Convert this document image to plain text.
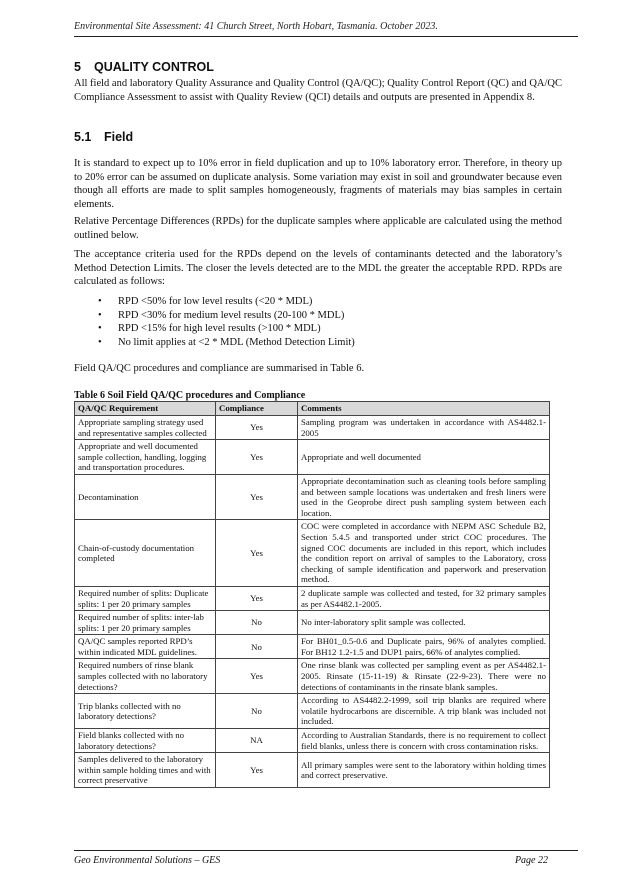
Environmental Site Assessment: 41 Church Street, North Hobart, Tasmania. October 2023.
5 QUALITY CONTROL
All field and laboratory Quality Assurance and Quality Control (QA/QC); Quality Control Report (QC) and QA/QC Compliance Assessment to assist with Quality Review (QCI) details and outputs are presented in Appendix 8.
5.1 Field
It is standard to expect up to 10% error in field duplication and up to 10% laboratory error. Therefore, in theory up to 20% error can be assumed on duplicate analysis. Some variation may exist in soil and groundwater because even though all efforts are made to split samples homogeneously, fragments of materials may bias samples in certain elements.
Relative Percentage Differences (RPDs) for the duplicate samples where applicable are calculated using the method outlined below.
The acceptance criteria used for the RPDs depend on the levels of contaminants detected and the laboratory’s Method Detection Limits. The closer the levels detected are to the MDL the greater the acceptable RPD. RPDs are calculated as follows:
• RPD <50% for low level results (<20 * MDL)
• RPD <30% for medium level results (20-100 * MDL)
• RPD <15% for high level results (>100 * MDL)
• No limit applies at <2 * MDL (Method Detection Limit)
Field QA/QC procedures and compliance are summarised in Table 6.
Table 6 Soil Field QA/QC procedures and Compliance
QA/QC Requirement	Compliance	Comments
Appropriate sampling strategy used and representative samples collected	Yes	Sampling program was undertaken in accordance with AS4482.1-2005
Appropriate and well documented sample collection, handling, logging and transportation procedures.	Yes	Appropriate and well documented
Decontamination	Yes	Appropriate decontamination such as cleaning tools before sampling and between sample locations was undertaken and fresh liners were used in the Geoprobe direct push sampling system between each location.
Chain-of-custody documentation completed	Yes	COC were completed in accordance with NEPM ASC Schedule B2, Section 5.4.5 and transported under strict COC procedures. The signed COC documents are included in this report, which includes the condition report on arrival of samples to the Laboratory, cross checking of sample identification and paperwork and preservation method.
Required number of splits: Duplicate splits: 1 per 20 primary samples	Yes	2 duplicate sample was collected and tested, for 32 primary samples as per AS4482.1-2005.
Required number of splits: inter-lab splits: 1 per 20 primary samples	No	No inter-laboratory split sample was collected.
QA/QC samples reported RPD’s within indicated MDL guidelines.	No	For BH01_0.5-0.6 and Duplicate pairs, 96% of analytes complied. For BH12 1.2-1.5 and DUP1 pairs, 66% of analytes complied.
Required numbers of rinse blank samples collected with no laboratory detections?	Yes	One rinse blank was collected per sampling event as per AS4482.1-2005. Rinsate (15-11-19) & Rinsate (22-9-23). There were no detections of contaminants in the rinsate blank samples.
Trip blanks collected with no laboratory detections?	No	According to AS4482.2-1999, soil trip blanks are required where volatile hydrocarbons are discernible. A trip blank was included not included.
Field blanks collected with no laboratory detections?	NA	According to Australian Standards, there is no requirement to collect field blanks, unless there is concern with cross contamination risks.
Samples delivered to the laboratory within sample holding times and with correct preservative	Yes	All primary samples were sent to the laboratory within holding times and correct preservative.
Geo Environmental Solutions – GES	Page 22
